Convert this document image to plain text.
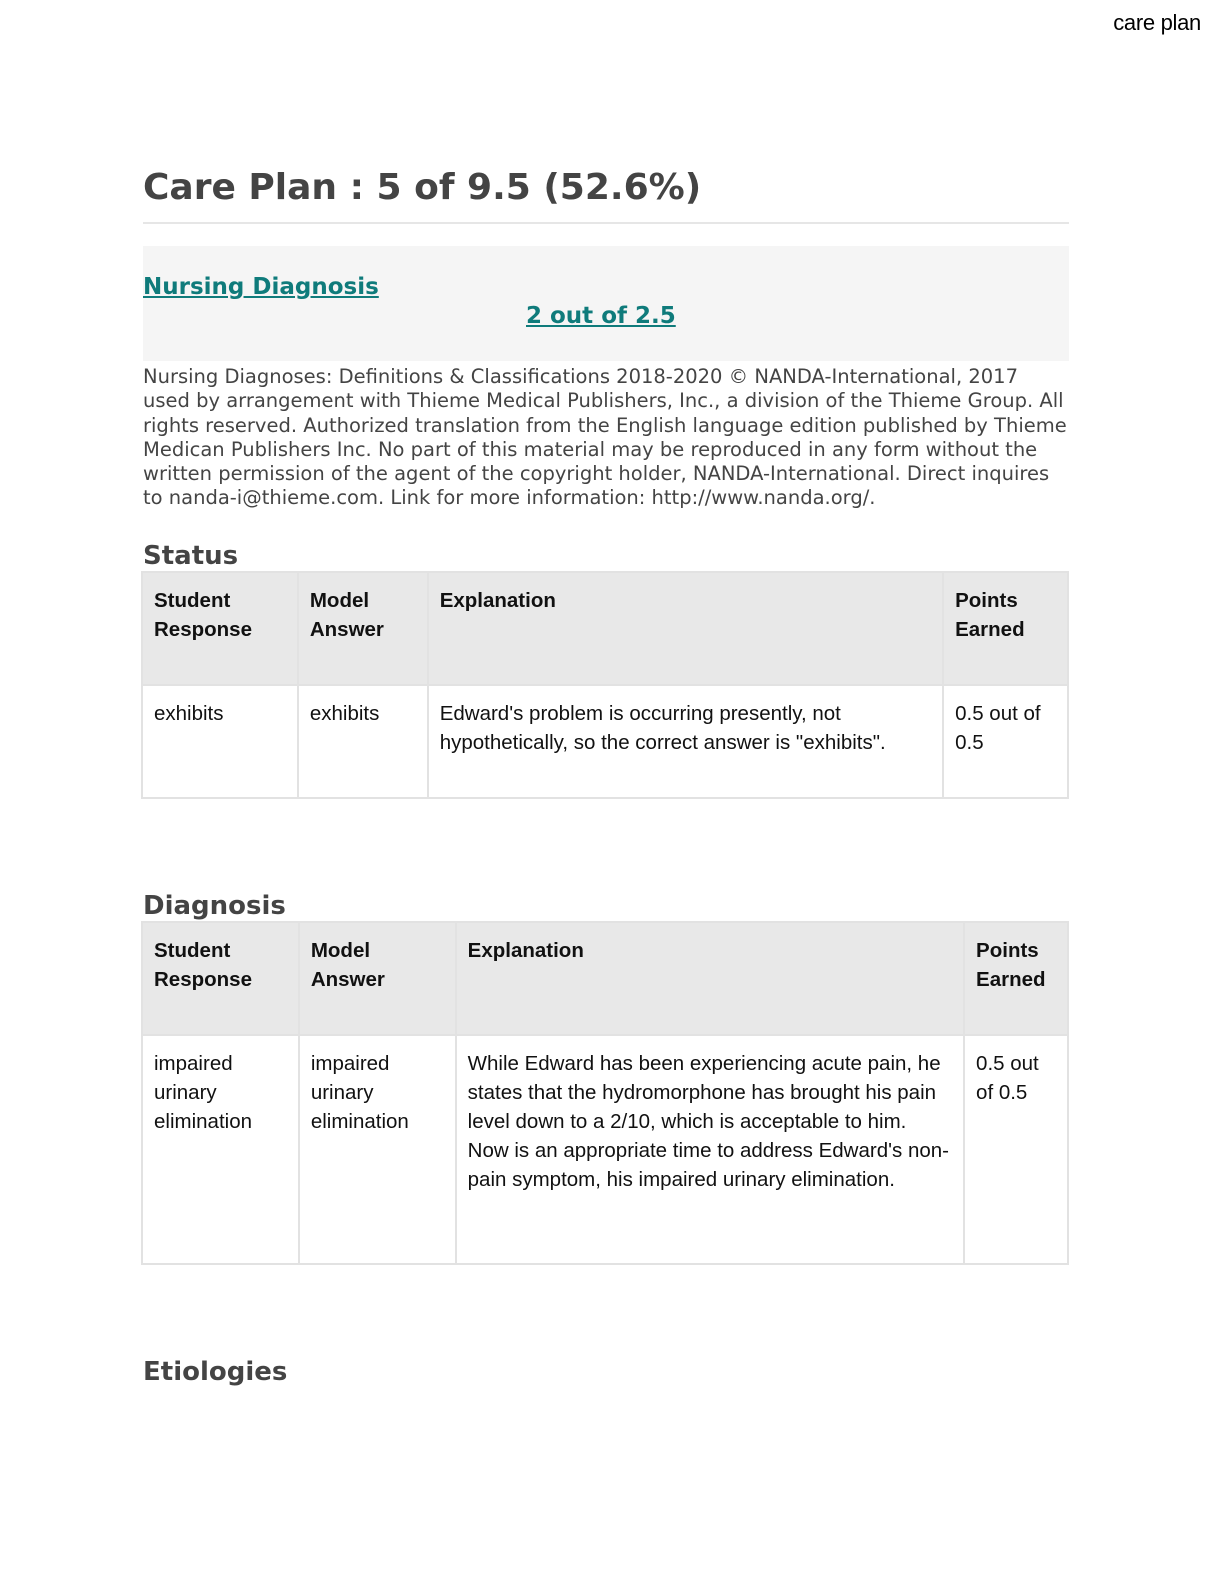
care plan
Care Plan : 5 of 9.5 (52.6%)
Nursing Diagnosis
2 out of 2.5
Nursing Diagnoses: Definitions & Classifications 2018-2020 © NANDA-International, 2017 used by arrangement with Thieme Medical Publishers, Inc., a division of the Thieme Group. All rights reserved. Authorized translation from the English language edition published by Thieme Medican Publishers Inc. No part of this material may be reproduced in any form without the written permission of the agent of the copyright holder, NANDA-International. Direct inquires to nanda-i@thieme.com. Link for more information: http://www.nanda.org/.
Status
Student Response	Model Answer	Explanation	Points Earned
exhibits	exhibits	Edward's problem is occurring presently, not hypothetically, so the correct answer is "exhibits".	0.5 out of 0.5
Diagnosis
Student Response	Model Answer	Explanation	Points Earned
impaired urinary elimination	impaired urinary elimination	While Edward has been experiencing acute pain, he states that the hydromorphone has brought his pain level down to a 2/10, which is acceptable to him. Now is an appropriate time to address Edward's non-pain symptom, his impaired urinary elimination.	0.5 out of 0.5
Etiologies
